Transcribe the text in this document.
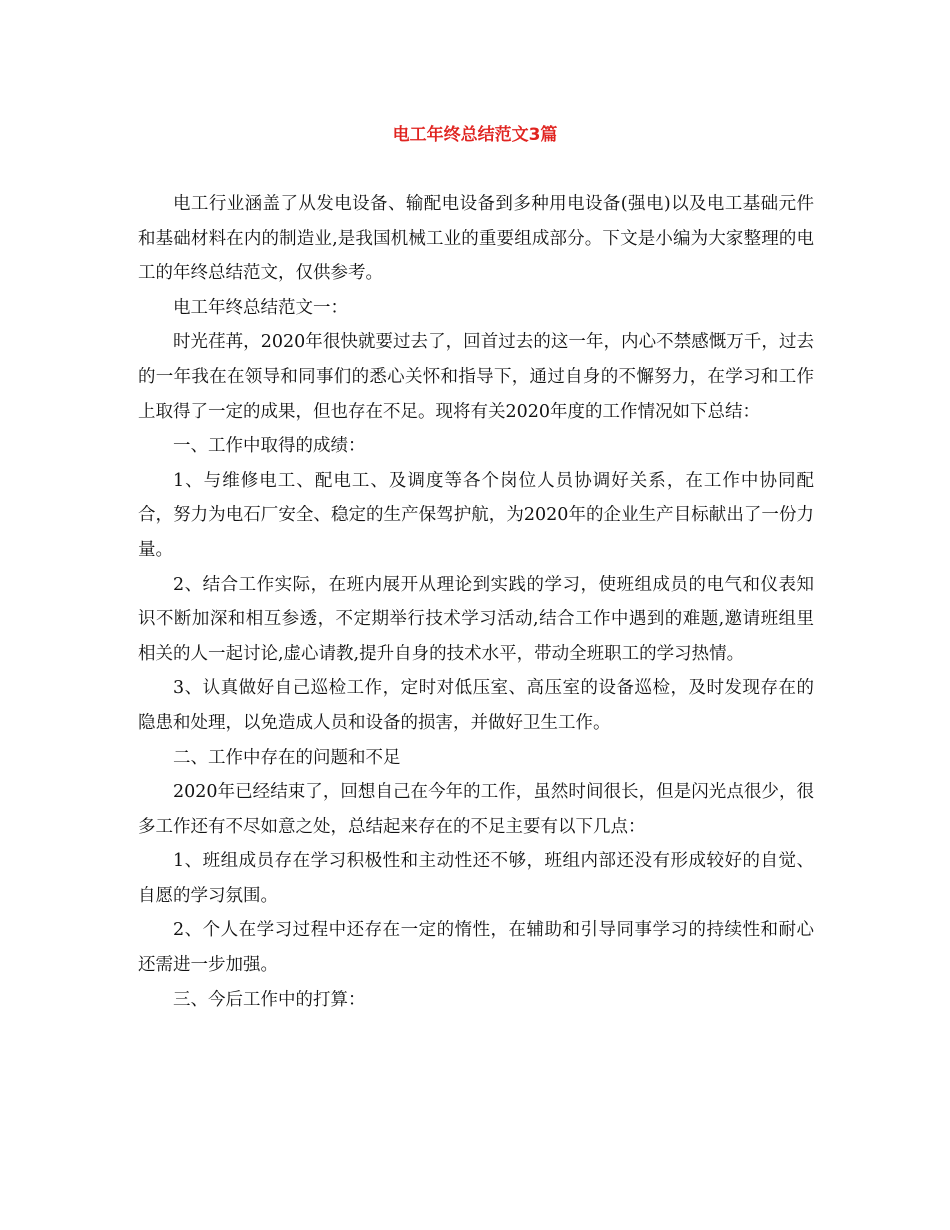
电工年终总结范文3篇

电工行业涵盖了从发电设备、输配电设备到多种用电设备(强电)以及电工基础元件和基础材料在内的制造业,是我国机械工业的重要组成部分。下文是小编为大家整理的电工的年终总结范文，仅供参考。

电工年终总结范文一：

时光荏苒，2020年很快就要过去了，回首过去的这一年，内心不禁感慨万千，过去的一年我在在领导和同事们的悉心关怀和指导下，通过自身的不懈努力，在学习和工作上取得了一定的成果，但也存在不足。现将有关2020年度的工作情况如下总结：

一、工作中取得的成绩：

1、与维修电工、配电工、及调度等各个岗位人员协调好关系，在工作中协同配合，努力为电石厂安全、稳定的生产保驾护航，为2020年的企业生产目标献出了一份力量。

2、结合工作实际，在班内展开从理论到实践的学习，使班组成员的电气和仪表知识不断加深和相互参透，不定期举行技术学习活动,结合工作中遇到的难题,邀请班组里相关的人一起讨论,虚心请教,提升自身的技术水平，带动全班职工的学习热情。

3、认真做好自己巡检工作，定时对低压室、高压室的设备巡检，及时发现存在的隐患和处理，以免造成人员和设备的损害，并做好卫生工作。

二、工作中存在的问题和不足

2020年已经结束了，回想自己在今年的工作，虽然时间很长，但是闪光点很少，很多工作还有不尽如意之处，总结起来存在的不足主要有以下几点：

1、班组成员存在学习积极性和主动性还不够，班组内部还没有形成较好的自觉、自愿的学习氛围。

2、个人在学习过程中还存在一定的惰性，在辅助和引导同事学习的持续性和耐心还需进一步加强。

三、今后工作中的打算：
